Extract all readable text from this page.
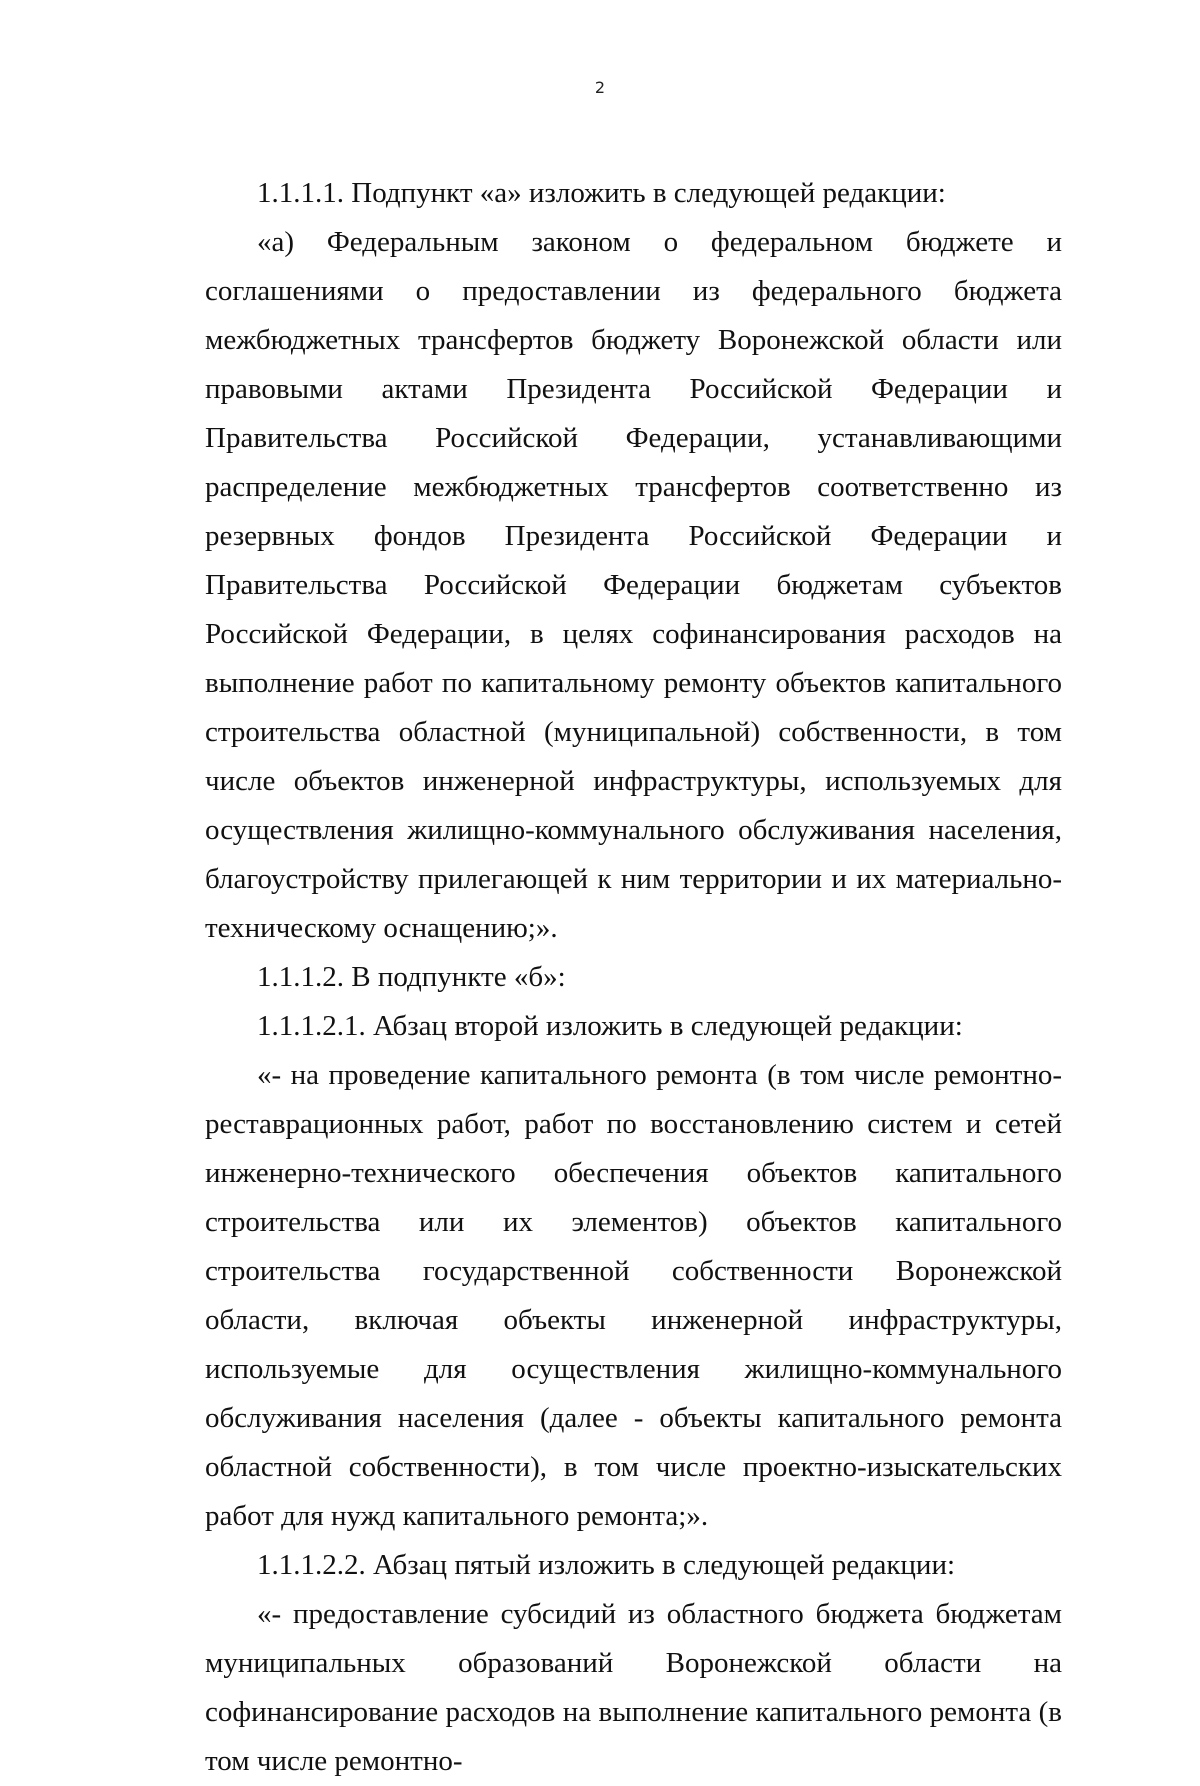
2

1.1.1.1. Подпункт «а» изложить в следующей редакции:

«а) Федеральным законом о федеральном бюджете и соглашениями о предоставлении из федерального бюджета межбюджетных трансфертов бюджету Воронежской области или правовыми актами Президента Российской Федерации и Правительства Российской Федерации, устанавливающими распределение межбюджетных трансфертов соответственно из резервных фондов Президента Российской Федерации и Правительства Российской Федерации бюджетам субъектов Российской Федерации, в целях софинансирования расходов на выполнение работ по капитальному ремонту объектов капитального строительства областной (муниципальной) собственности, в том числе объектов инженерной инфраструктуры, используемых для осуществления жилищно-коммунального обслуживания населения, благоустройству прилегающей к ним территории и их материально-техническому оснащению;».

1.1.1.2. В подпункте «б»:

1.1.1.2.1. Абзац второй изложить в следующей редакции:

«- на проведение капитального ремонта (в том числе ремонтно-реставрационных работ, работ по восстановлению систем и сетей инженерно-технического обеспечения объектов капитального строительства или их элементов) объектов капитального строительства государственной собственности Воронежской области, включая объекты инженерной инфраструктуры, используемые для осуществления жилищно-коммунального обслуживания населения (далее - объекты капитального ремонта областной собственности), в том числе проектно-изыскательских работ для нужд капитального ремонта;».

1.1.1.2.2. Абзац пятый изложить в следующей редакции:

«- предоставление субсидий из областного бюджета бюджетам муниципальных образований Воронежской области на софинансирование расходов на выполнение капитального ремонта (в том числе ремонтно-
